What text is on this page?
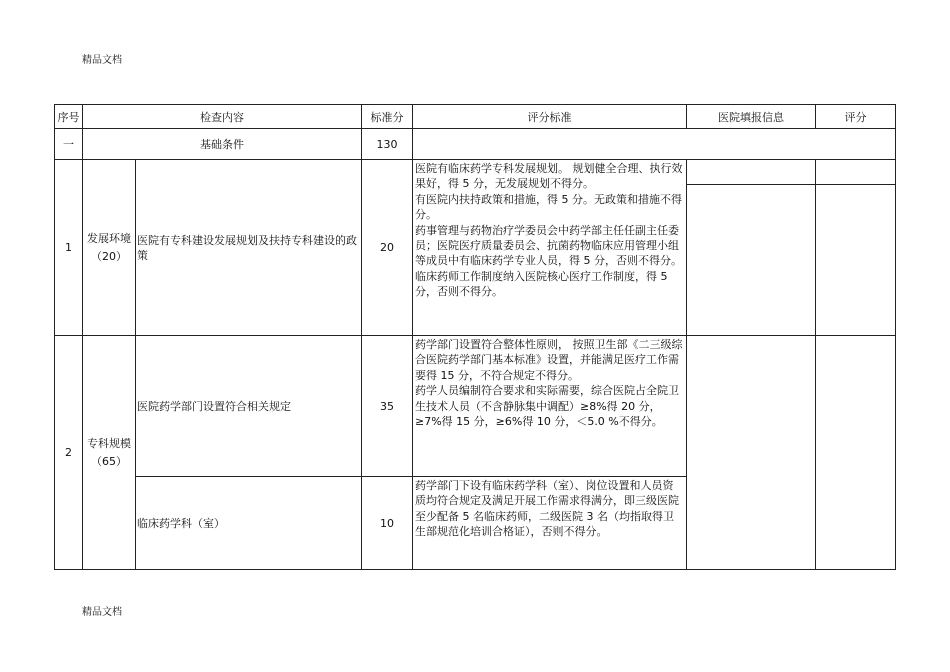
精品文档
序号	检查内容		标准分	评分标准	医院填报信息	评分
一	基础条件		130			
1	发展环境（20）	医院有专科建设发展规划及扶持专科建设的政策	20	医院有临床药学专科发展规划。 规划健全合理、执行效果好，得 5 分，无发展规划不得分。
有医院内扶持政策和措施，得 5 分。无政策和措施不得分。
药事管理与药物治疗学委员会中药学部主任任副主任委员；医院医疗质量委员会、抗菌药物临床应用管理小组等成员中有临床药学专业人员，得 5 分，否则不得分。
临床药师工作制度纳入医院核心医疗工作制度，得 5 分，否则不得分。		

2	专科规模（65）	医院药学部门设置符合相关规定	35	药学部门设置符合整体性原则， 按照卫生部《二三级综合医院药学部门基本标准》设置，并能满足医疗工作需要得 15 分，不符合规定不得分。
药学人员编制符合要求和实际需要，综合医院占全院卫生技术人员（不含静脉集中调配）≥8%得 20 分，≥7%得 15 分，≥6%得 10 分，＜5.0 %不得分。		

		临床药学科（室）	10	药学部门下设有临床药学科（室）、岗位设置和人员资质均符合规定及满足开展工作需求得满分，即三级医院至少配备 5 名临床药师，二级医院 3 名（均指取得卫生部规范化培训合格证），否则不得分。		
精品文档
